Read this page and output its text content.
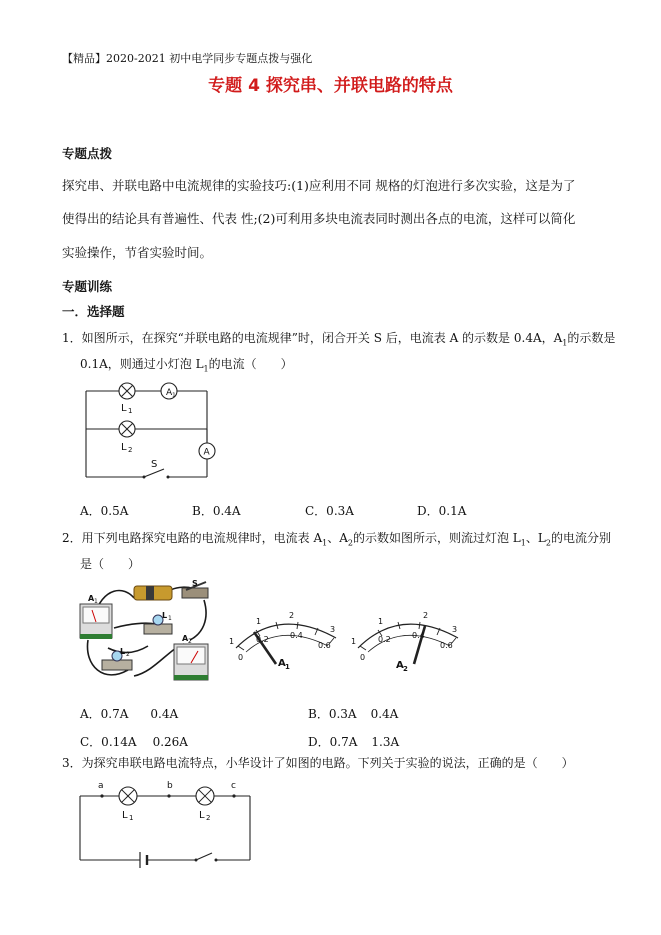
【精品】2020-2021 初中电学同步专题点拨与强化
专题 4 探究串、并联电路的特点
专题点拨
探究串、并联电路中电流规律的实验技巧:(1)应利用不同 规格的灯泡进行多次实验，这是为了
使得出的结论具有普遍性、代表 性;(2)可利用多块电流表同时测出各点的电流，这样可以简化
实验操作，节省实验时间。
专题训练
一．选择题
1．如图所示，在探究“并联电路的电流规律”时，闭合开关 S 后，电流表 A 的示数是 0.4A，$A_1$的示数是
0.1A，则通过小灯泡 $L_1$的电流（　　）
A 1
A
L 1
L 2
S
A．0.5A	B．0.4A	C．0.3A	D．0.1A
2．用下列电路探究电路的电流规律时，电流表 $A_1$、$A_2$的示数如图所示，则流过灯泡 $L_1$、$L_2$的电流分别
是（　　）
S
A 1
L 1
L 2
A 2	1
1
2
3
0
0.2	0.4
0.6
A 1
1
1
2
3
0
0.2	0.4
0.6
A 2
A．0.7A 0.4A	B．0.3A 0.4A
C．0.14A 0.26A	D．0.7A 1.3A
3．为探究串联电路电流特点，小华设计了如图的电路。下列关于实验的说法，正确的是（　　）
a	b	c
L 1	L 2
